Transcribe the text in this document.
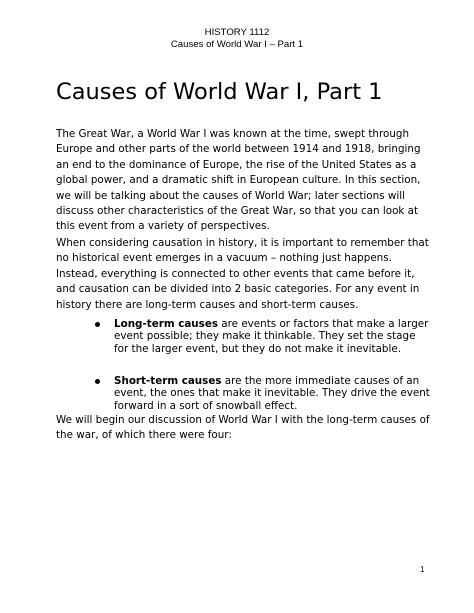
HISTORY 1112
Causes of World War I – Part 1
Causes of World War I, Part 1

The Great War, a World War I was known at the time, swept through Europe and other parts of the world between 1914 and 1918, bringing an end to the dominance of Europe, the rise of the United States as a global power, and a dramatic shift in European culture. In this section, we will be talking about the causes of World War; later sections will discuss other characteristics of the Great War, so that you can look at this event from a variety of perspectives.

When considering causation in history, it is important to remember that no historical event emerges in a vacuum – nothing just happens. Instead, everything is connected to other events that came before it, and causation can be divided into 2 basic categories. For any event in history there are long-term causes and short-term causes.

Long-term causes are events or factors that make a larger event possible; they make it thinkable. They set the stage for the larger event, but they do not make it inevitable.
Short-term causes are the more immediate causes of an event, the ones that make it inevitable. They drive the event forward in a sort of snowball effect.

We will begin our discussion of World War I with the long-term causes of the war, of which there were four:

1
